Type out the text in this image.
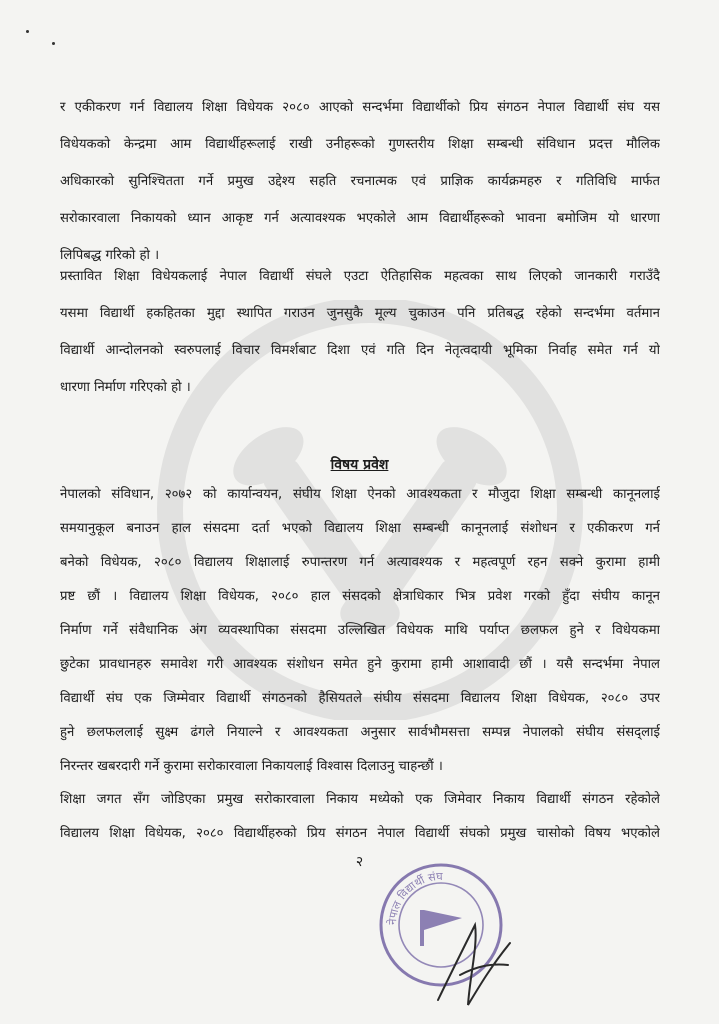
र एकीकरण गर्न विद्यालय शिक्षा विधेयक २०८० आएको सन्दर्भमा विद्यार्थीको प्रिय संगठन नेपाल विद्यार्थी संघ यस
विधेयकको केन्द्रमा आम विद्यार्थीहरूलाई राखी उनीहरूको गुणस्तरीय शिक्षा सम्बन्धी संविधान प्रदत्त मौलिक
अधिकारको सुनिश्चितता गर्ने प्रमुख उद्देश्य सहति रचनात्मक एवं प्राज्ञिक कार्यक्रमहरु र गतिविधि मार्फत
सरोकारवाला निकायको ध्यान आकृष्ट गर्न अत्यावश्यक भएकोले आम विद्यार्थीहरूको भावना बमोजिम यो धारणा
लिपिबद्ध गरिको हो ।
प्रस्तावित शिक्षा विधेयकलाई नेपाल विद्यार्थी संघले एउटा ऐतिहासिक महत्वका साथ लिएको जानकारी गराउँदै
यसमा विद्यार्थी हकहितका मुद्दा स्थापित गराउन जुनसुकै मूल्य चुकाउन पनि प्रतिबद्ध रहेको सन्दर्भमा वर्तमान
विद्यार्थी आन्दोलनको स्वरुपलाई विचार विमर्शबाट दिशा एवं गति दिन नेतृत्वदायी भूमिका निर्वाह समेत गर्न यो
धारणा निर्माण गरिएको हो ।
विषय प्रवेश
नेपालको संविधान, २०७२ को कार्यान्वयन, संघीय शिक्षा ऐनको आवश्यकता र मौजुदा शिक्षा सम्बन्धी कानूनलाई
समयानुकूल बनाउन हाल संसदमा दर्ता भएको विद्यालय शिक्षा सम्बन्धी कानूनलाई संशोधन र एकीकरण गर्न
बनेको विधेयक, २०८० विद्यालय शिक्षालाई रुपान्तरण गर्न अत्यावश्यक र महत्वपूर्ण रहन सक्ने कुरामा हामी
प्रष्ट छौं । विद्यालय शिक्षा विधेयक, २०८० हाल संसदको क्षेत्राधिकार भित्र प्रवेश गरको हुँदा संघीय कानून
निर्माण गर्ने संवैधानिक अंग व्यवस्थापिका संसदमा उल्लिखित विधेयक माथि पर्याप्त छलफल हुने र विधेयकमा
छुटेका प्रावधानहरु समावेश गरी आवश्यक संशोधन समेत हुने कुरामा हामी आशावादी छौं । यसै सन्दर्भमा नेपाल
विद्यार्थी संघ एक जिम्मेवार विद्यार्थी संगठनको हैसियतले संघीय संसदमा विद्यालय शिक्षा विधेयक, २०८० उपर
हुने छलफललाई सुक्ष्म ढंगले नियाल्ने र आवश्यकता अनुसार सार्वभौमसत्ता सम्पन्न नेपालको संघीय संसद्लाई
निरन्तर खबरदारी गर्ने कुरामा सरोकारवाला निकायलाई विश्वास दिलाउनु चाहन्छौं ।
शिक्षा जगत सँग जोडिएका प्रमुख सरोकारवाला निकाय मध्येको एक जिमेवार निकाय विद्यार्थी संगठन रहेकोले
विद्यालय शिक्षा विधेयक, २०८० विद्यार्थीहरुको प्रिय संगठन नेपाल विद्यार्थी संघको प्रमुख चासोको विषय भएकोले
२
नेपाल विद्यार्थी संघ
